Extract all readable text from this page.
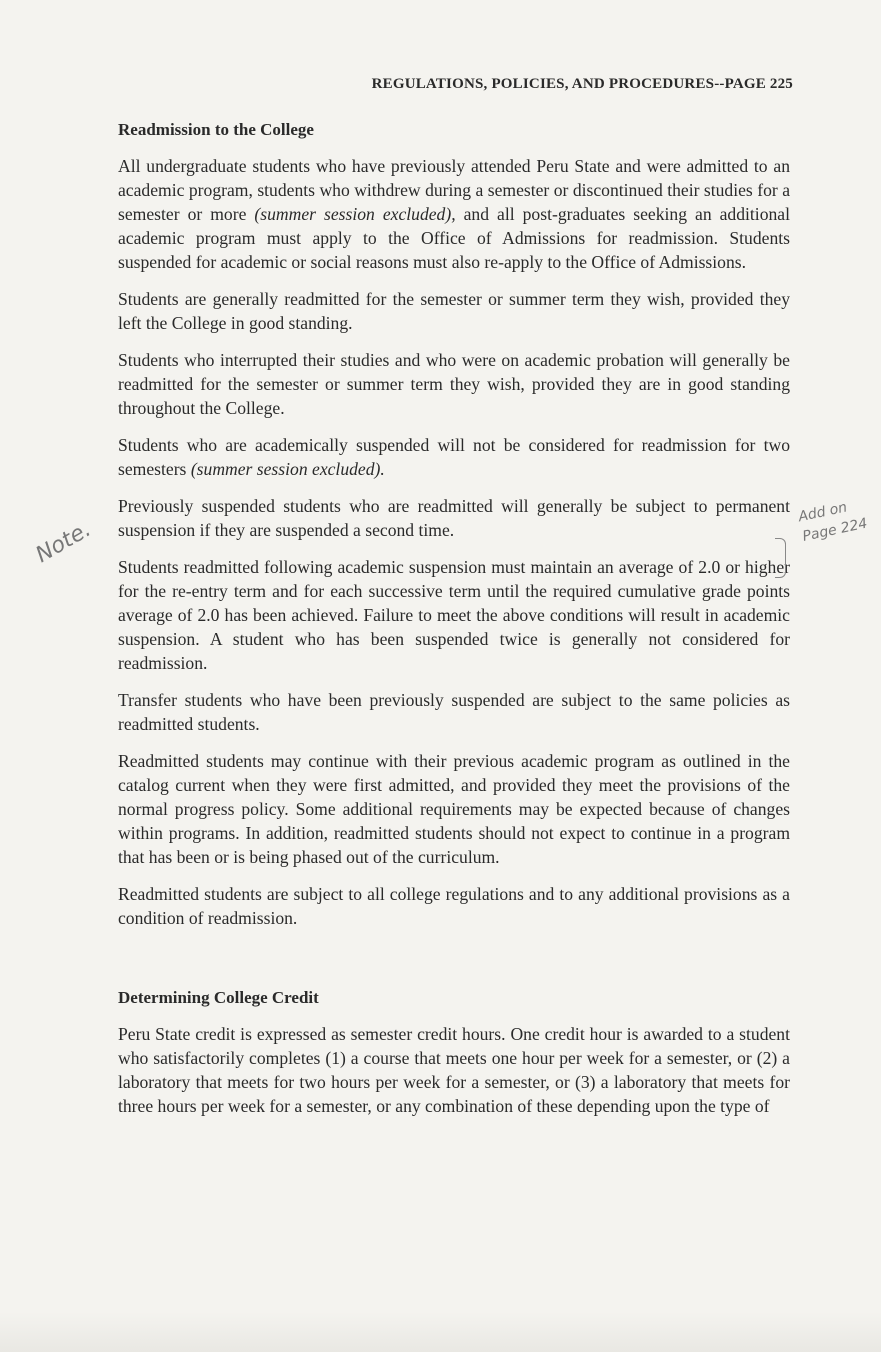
REGULATIONS, POLICIES, AND PROCEDURES--PAGE 225
Readmission to the College

All undergraduate students who have previously attended Peru State and were admitted to an academic program, students who withdrew during a semester or discontinued their studies for a semester or more (summer session excluded), and all post-graduates seeking an additional academic program must apply to the Office of Admissions for readmission. Students suspended for academic or social reasons must also re-apply to the Office of Admissions.

Students are generally readmitted for the semester or summer term they wish, provided they left the College in good standing.

Students who interrupted their studies and who were on academic probation will generally be readmitted for the semester or summer term they wish, provided they are in good standing throughout the College.

Students who are academically suspended will not be considered for readmission for two semesters (summer session excluded).

Previously suspended students who are readmitted will generally be subject to permanent suspension if they are suspended a second time.

Students readmitted following academic suspension must maintain an average of 2.0 or higher for the re-entry term and for each successive term until the required cumulative grade points average of 2.0 has been achieved. Failure to meet the above conditions will result in academic suspension. A student who has been suspended twice is generally not considered for readmission.

Transfer students who have been previously suspended are subject to the same policies as readmitted students.

Readmitted students may continue with their previous academic program as outlined in the catalog current when they were first admitted, and provided they meet the provisions of the normal progress policy. Some additional requirements may be expected because of changes within programs. In addition, readmitted students should not expect to continue in a program that has been or is being phased out of the curriculum.

Readmitted students are subject to all college regulations and to any additional provisions as a condition of readmission.

Determining College Credit

Peru State credit is expressed as semester credit hours. One credit hour is awarded to a student who satisfactorily completes (1) a course that meets one hour per week for a semester, or (2) a laboratory that meets for two hours per week for a semester, or (3) a laboratory that meets for three hours per week for a semester, or any combination of these depending upon the type of

Note.
Add on Page 224
